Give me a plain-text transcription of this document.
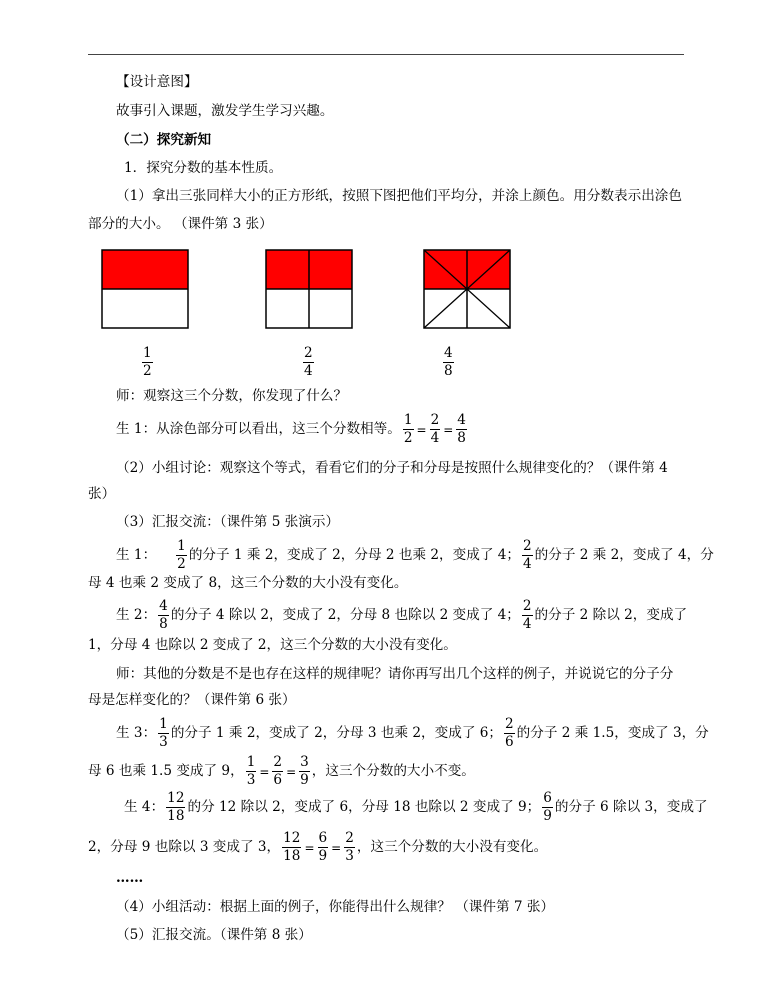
【设计意图】
故事引入课题，激发学生学习兴趣。
（二）探究新知
1．探究分数的基本性质。
（1）拿出三张同样大小的正方形纸，按照下图把他们平均分，并涂上颜色。用分数表示出涂色
部分的大小。 （课件第 3 张）
$\frac{1}{2}$	$\frac{2}{4}$	$\frac{4}{8}$
师：观察这三个分数，你发现了什么？
生 1：从涂色部分可以看出，这三个分数相等。 $\frac{1}{2} = \frac{2}{4} = \frac{4}{8}$
（2）小组讨论：观察这个等式，看看它们的分子和分母是按照什么规律变化的？（课件第 4
张）
（3）汇报交流：（课件第 5 张演示）
生 1： $\frac{1}{2}$ 的分子 1 乘 2，变成了 2，分母 2 也乘 2，变成了 4； $\frac{2}{4}$ 的分子 2 乘 2，变成了 4，分
母 4 也乘 2 变成了 8，这三个分数的大小没有变化。
生 2： $\frac{4}{8}$ 的分子 4 除以 2，变成了 2，分母 8 也除以 2 变成了 4； $\frac{2}{4}$ 的分子 2 除以 2，变成了
1，分母 4 也除以 2 变成了 2，这三个分数的大小没有变化。
师：其他的分数是不是也存在这样的规律呢？请你再写出几个这样的例子，并说说它的分子分
母是怎样变化的？（课件第 6 张）
生 3： $\frac{1}{3}$ 的分子 1 乘 2，变成了 2，分母 3 也乘 2，变成了 6； $\frac{2}{6}$ 的分子 2 乘 1.5，变成了 3，分
母 6 也乘 1.5 变成了 9， $\frac{1}{3} = \frac{2}{6} = \frac{3}{9}$ ，这三个分数的大小不变。
生 4： $\frac{12}{18}$ 的分 12 除以 2，变成了 6，分母 18 也除以 2 变成了 9； $\frac{6}{9}$ 的分子 6 除以 3，变成了
2，分母 9 也除以 3 变成了 3， $\frac{12}{18} = \frac{6}{9} = \frac{2}{3}$ ，这三个分数的大小没有变化。
……
（4）小组活动：根据上面的例子，你能得出什么规律？ （课件第 7 张）
（5）汇报交流。（课件第 8 张）
